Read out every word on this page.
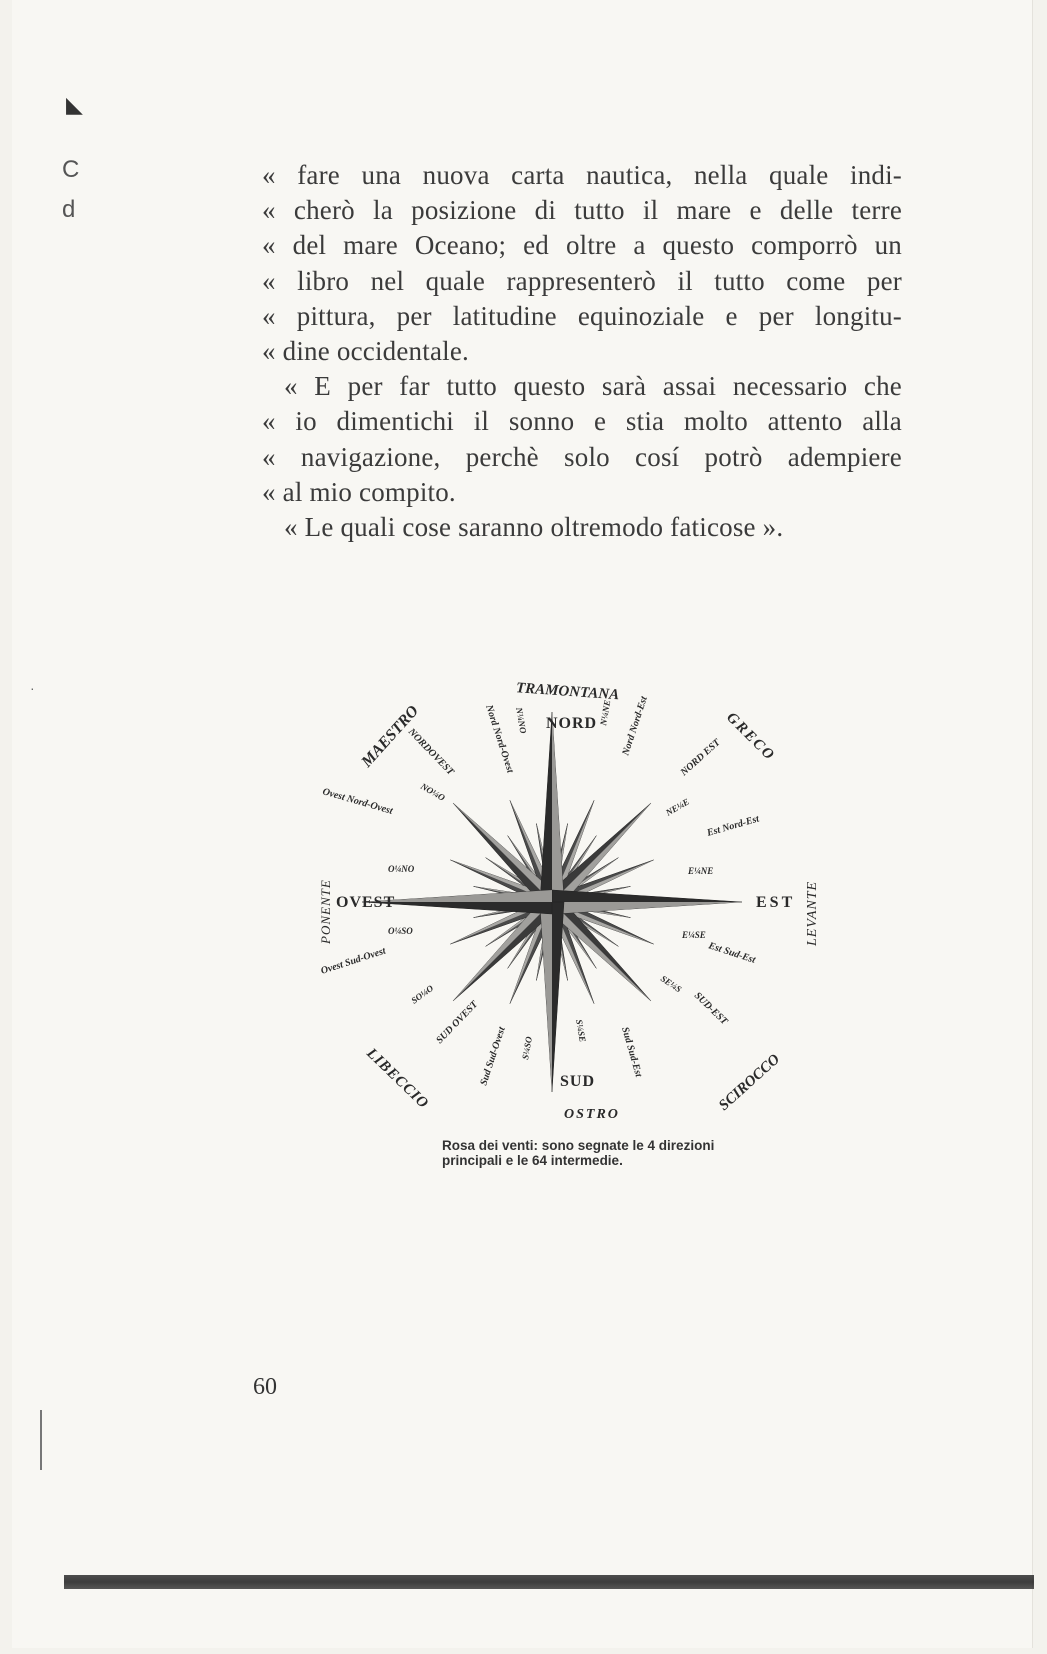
◣
C
d
« fare una nuova carta nautica, nella quale indi-
« cherò la posizione di tutto il mare e delle terre
« del mare Oceano; ed oltre a questo comporrò un
« libro nel quale rappresenterò il tutto come per
« pittura, per latitudine equinoziale e per longitu-
« dine occidentale.
« E per far tutto questo sarà assai necessario che
« io dimentichi il sonno e stia molto attento alla
« navigazione, perchè solo cosí potrò adempiere
« al mio compito.
« Le quali cose saranno oltremodo faticose ».
NORD
SUD
EST
OVEST
TRAMONTANA
OSTRO
GRECO
LEVANTE
SCIROCCO
LIBECCIO
PONENTE
MAESTRO	NORD EST
NORDOVEST
SUD-EST
SUD OVEST
Est Nord-Est
Est Sud-Est
Ovest Nord-Ovest
Ovest Sud-Ovest
Nord Nord-Est
Nord Nord-Ovest
Sud Sud-Est
Sud Sud-Ovest
E¼NE
E¼SE
O¼NO
O¼SO
NE¼E
NO¼O
SE¼S
SO¼O
N¼NE
N¼NO
S¼SE
S¼SO
Rosa dei venti: sono segnate le 4 direzioni principali e le 64 intermedie.
60
·
